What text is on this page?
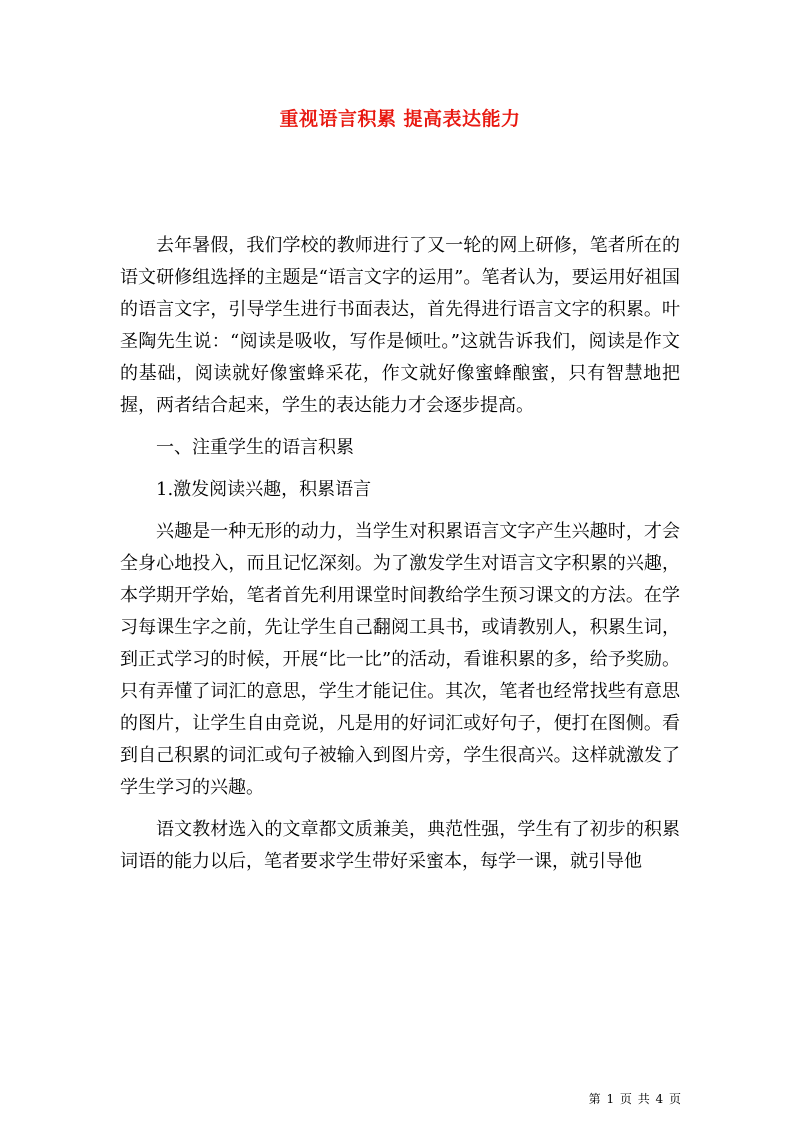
重视语言积累 提高表达能力

去年暑假，我们学校的教师进行了又一轮的网上研修，笔者所在的语文研修组选择的主题是“语言文字的运用”。笔者认为，要运用好祖国的语言文字，引导学生进行书面表达，首先得进行语言文字的积累。叶圣陶先生说：“阅读是吸收，写作是倾吐。”这就告诉我们，阅读是作文的基础，阅读就好像蜜蜂采花，作文就好像蜜蜂酿蜜，只有智慧地把握，两者结合起来，学生的表达能力才会逐步提高。

一、注重学生的语言积累

1.激发阅读兴趣，积累语言

兴趣是一种无形的动力，当学生对积累语言文字产生兴趣时，才会全身心地投入，而且记忆深刻。为了激发学生对语言文字积累的兴趣，本学期开学始，笔者首先利用课堂时间教给学生预习课文的方法。在学习每课生字之前，先让学生自己翻阅工具书，或请教别人，积累生词，到正式学习的时候，开展“比一比”的活动，看谁积累的多，给予奖励。只有弄懂了词汇的意思，学生才能记住。其次，笔者也经常找些有意思的图片，让学生自由竞说，凡是用的好词汇或好句子，便打在图侧。看到自己积累的词汇或句子被输入到图片旁，学生很高兴。这样就激发了学生学习的兴趣。

语文教材选入的文章都文质兼美，典范性强，学生有了初步的积累词语的能力以后，笔者要求学生带好采蜜本，每学一课，就引导他

第 1 页 共 4 页
